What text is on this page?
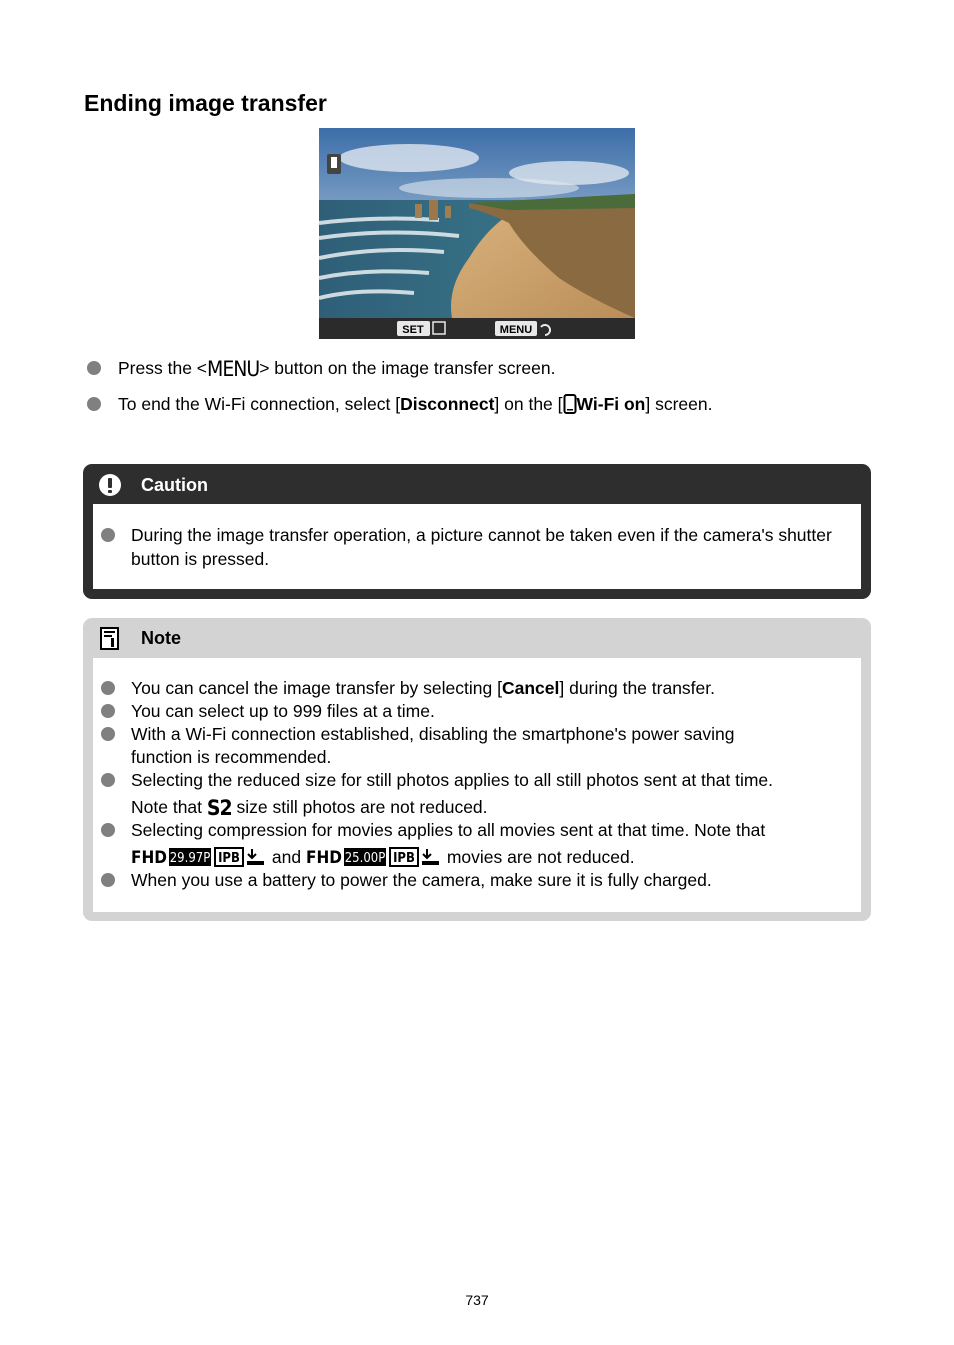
Ending image transfer
SET	MENU
Press the <MENU> button on the image transfer screen.
To end the Wi-Fi connection, select [Disconnect] on the [ Wi-Fi on] screen.
Caution
During the image transfer operation, a picture cannot be taken even if the camera's shutter button is pressed.
Note
You can cancel the image transfer by selecting [Cancel] during the transfer.
You can select up to 999 files at a time.
With a Wi-Fi connection established, disabling the smartphone's power saving
function is recommended.
Selecting the reduced size for still photos applies to all still photos sent at that time.
Note that S2 size still photos are not reduced.
Selecting compression for movies applies to all movies sent at that time. Note that
FHD 29.97P IPB and FHD 25.00P IPB movies are not reduced.
When you use a battery to power the camera, make sure it is fully charged.
737
